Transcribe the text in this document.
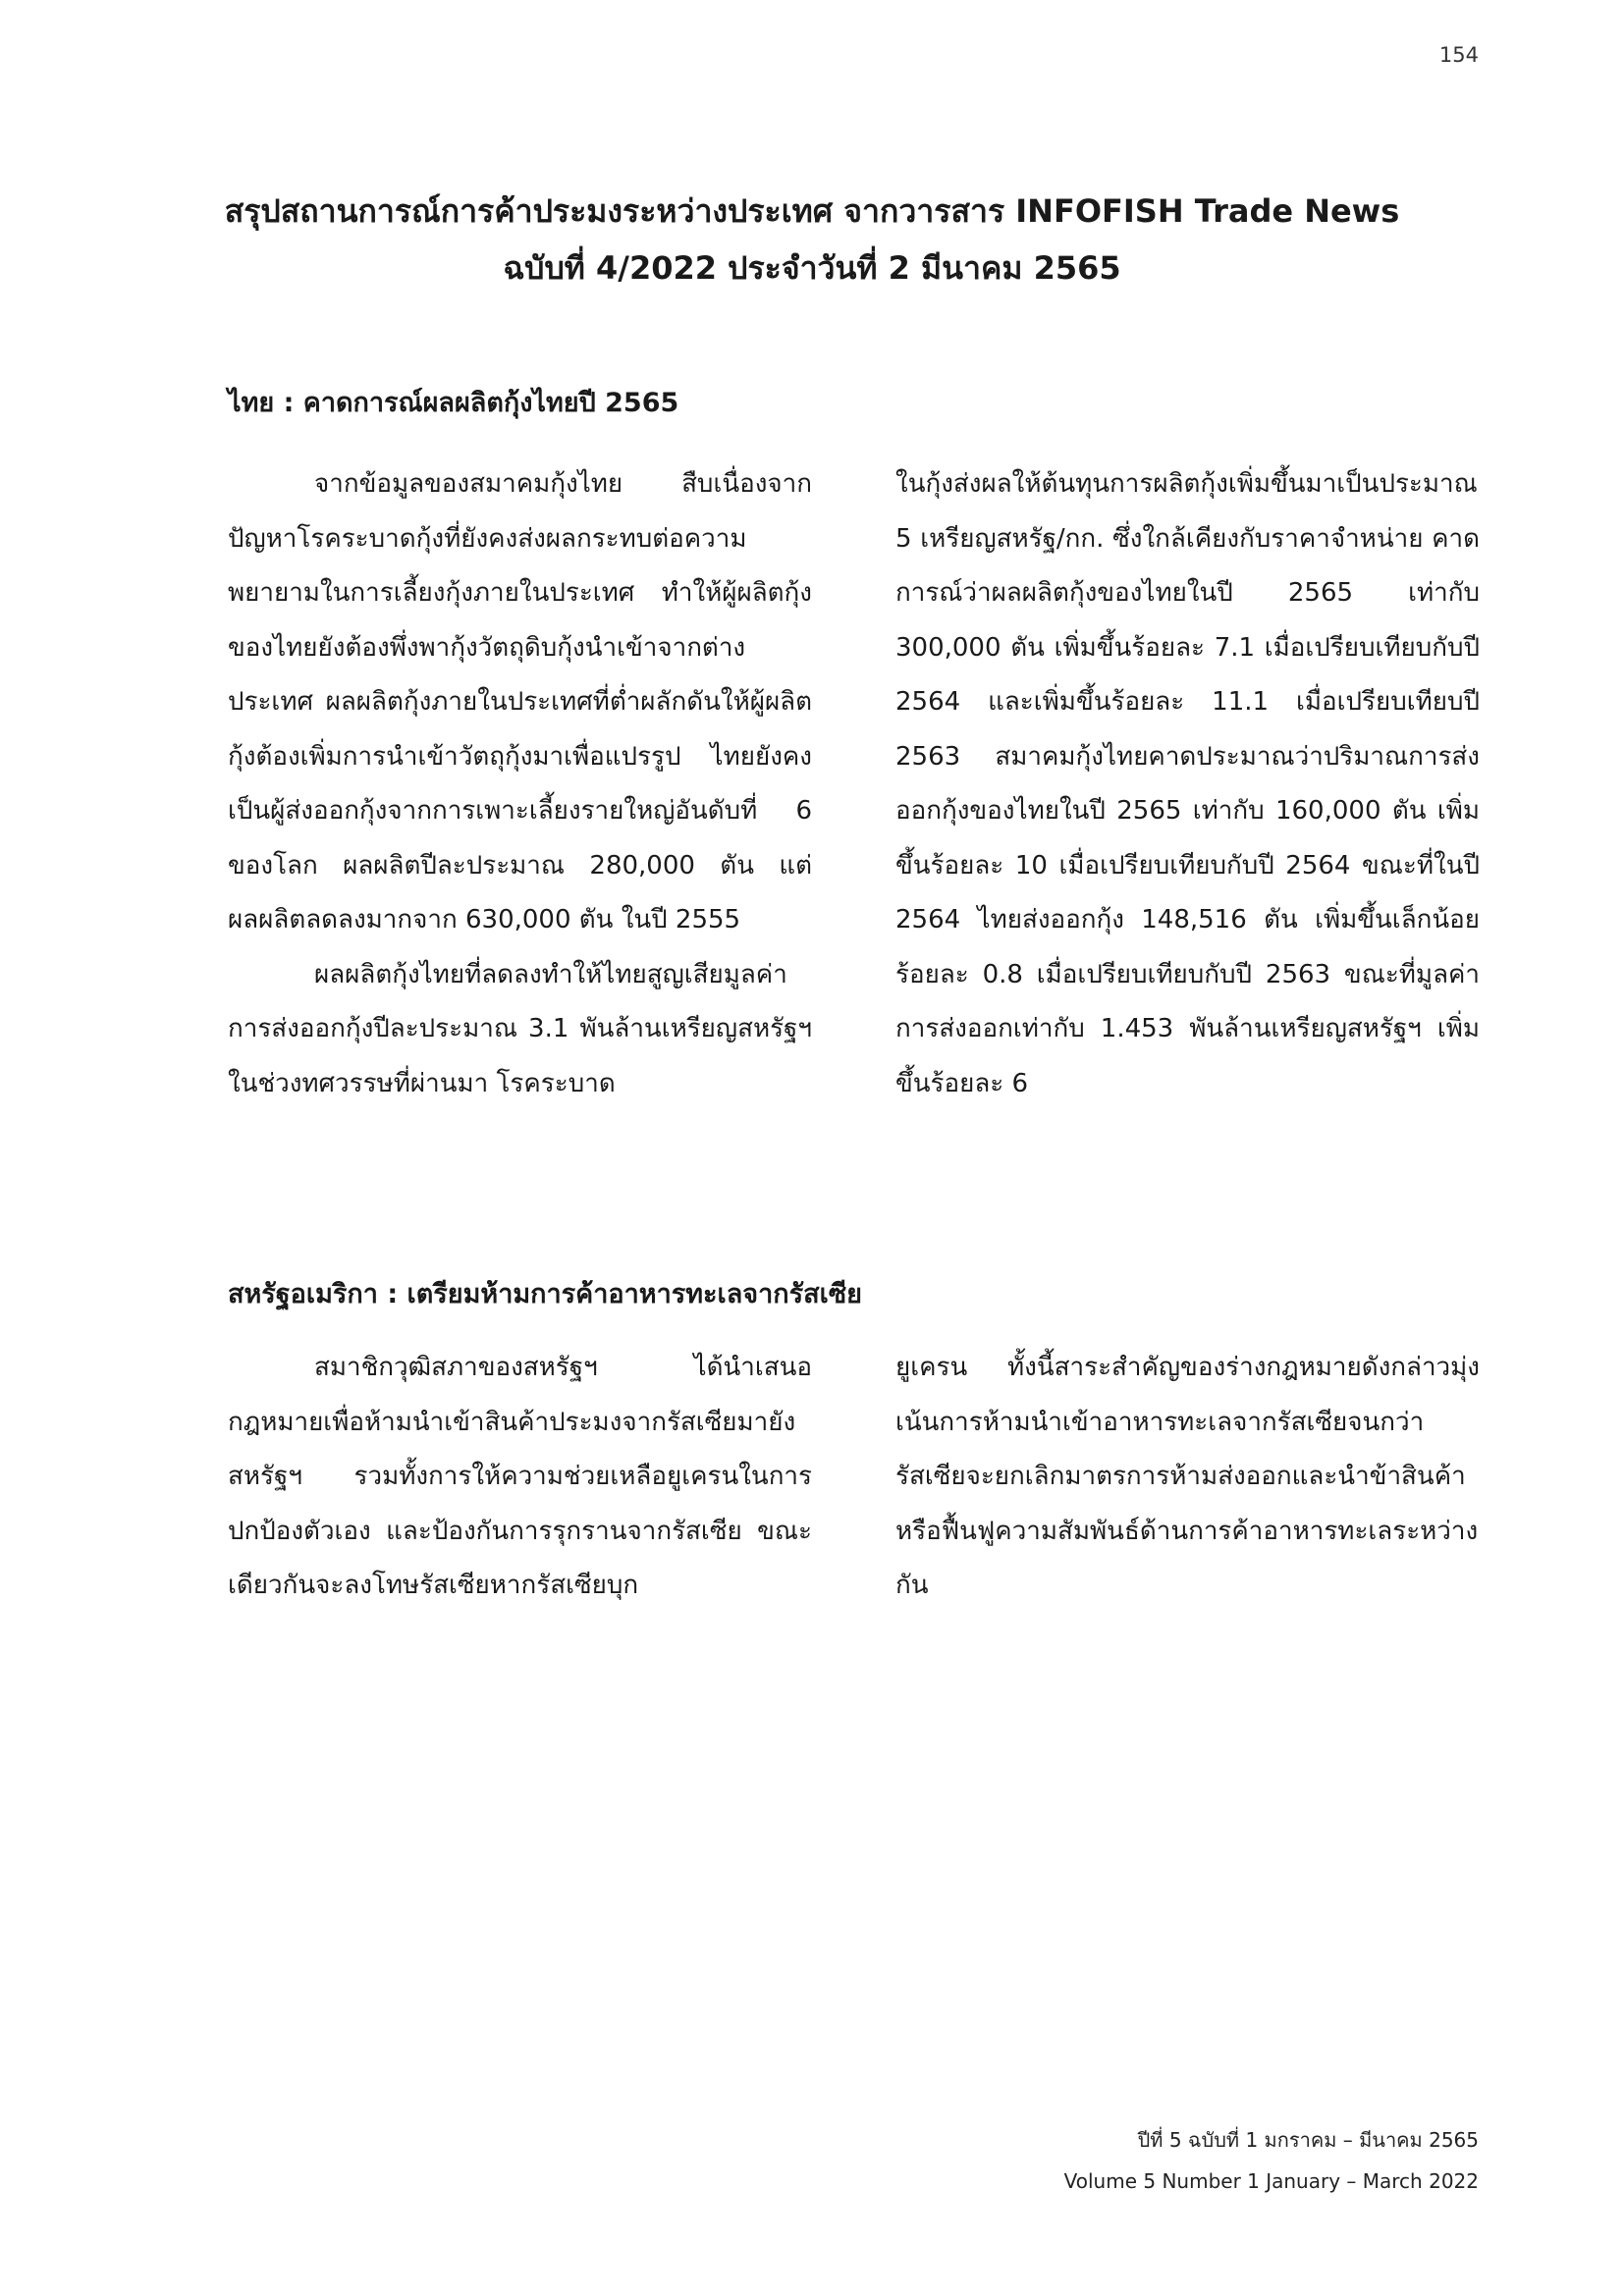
154
สรุปสถานการณ์การค้าประมงระหว่างประเทศ จากวารสาร INFOFISH Trade News
ฉบับที่ 4/2022 ประจำวันที่ 2 มีนาคม 2565
ไทย : คาดการณ์ผลผลิตกุ้งไทยปี 2565

จากข้อมูลของสมาคมกุ้งไทย สืบเนื่องจากปัญหาโรคระบาดกุ้งที่ยังคงส่งผลกระทบต่อความพยายามในการเลี้ยงกุ้งภายในประเทศ ทำให้ผู้ผลิตกุ้งของไทยยังต้องพึ่งพากุ้งวัตถุดิบกุ้งนำเข้าจากต่างประเทศ ผลผลิตกุ้งภายในประเทศที่ต่ำผลักดันให้ผู้ผลิตกุ้งต้องเพิ่มการนำเข้าวัตถุกุ้งมาเพื่อแปรรูป ไทยยังคงเป็นผู้ส่งออกกุ้งจากการเพาะเลี้ยงรายใหญ่อันดับที่ 6 ของโลก ผลผลิตปีละประมาณ 280,000 ตัน แต่ผลผลิตลดลงมากจาก 630,000 ตัน ในปี 2555

ผลผลิตกุ้งไทยที่ลดลงทำให้ไทยสูญเสียมูลค่าการส่งออกกุ้งปีละประมาณ 3.1 พันล้านเหรียญสหรัฐฯ ในช่วงทศวรรษที่ผ่านมา โรคระบาด

ในกุ้งส่งผลให้ต้นทุนการผลิตกุ้งเพิ่มขึ้นมาเป็นประมาณ 5 เหรียญสหรัฐ/กก. ซึ่งใกล้เคียงกับราคาจำหน่าย คาดการณ์ว่าผลผลิตกุ้งของไทยในปี 2565 เท่ากับ 300,000 ตัน เพิ่มขึ้นร้อยละ 7.1 เมื่อเปรียบเทียบกับปี 2564 และเพิ่มขึ้นร้อยละ 11.1 เมื่อเปรียบเทียบปี 2563 สมาคมกุ้งไทยคาดประมาณว่าปริมาณการส่งออกกุ้งของไทยในปี 2565 เท่ากับ 160,000 ตัน เพิ่มขึ้นร้อยละ 10 เมื่อเปรียบเทียบกับปี 2564 ขณะที่ในปี 2564 ไทยส่งออกกุ้ง 148,516 ตัน เพิ่มขึ้นเล็กน้อยร้อยละ 0.8 เมื่อเปรียบเทียบกับปี 2563 ขณะที่มูลค่าการส่งออกเท่ากับ 1.453 พันล้านเหรียญสหรัฐฯ เพิ่มขึ้นร้อยละ 6

สหรัฐอเมริกา : เตรียมห้ามการค้าอาหารทะเลจากรัสเซีย

สมาชิกวุฒิสภาของสหรัฐฯ ได้นำเสนอกฎหมายเพื่อห้ามนำเข้าสินค้าประมงจากรัสเซียมายังสหรัฐฯ รวมทั้งการให้ความช่วยเหลือยูเครนในการปกป้องตัวเอง และป้องกันการรุกรานจากรัสเซีย ขณะเดียวกันจะลงโทษรัสเซียหากรัสเซียบุก

ยูเครน ทั้งนี้สาระสำคัญของร่างกฎหมายดังกล่าวมุ่งเน้นการห้ามนำเข้าอาหารทะเลจากรัสเซียจนกว่ารัสเซียจะยกเลิกมาตรการห้ามส่งออกและนำข้าสินค้า หรือฟื้นฟูความสัมพันธ์ด้านการค้าอาหารทะเลระหว่างกัน

ปีที่ 5 ฉบับที่ 1 มกราคม – มีนาคม 2565
Volume 5 Number 1 January – March 2022
